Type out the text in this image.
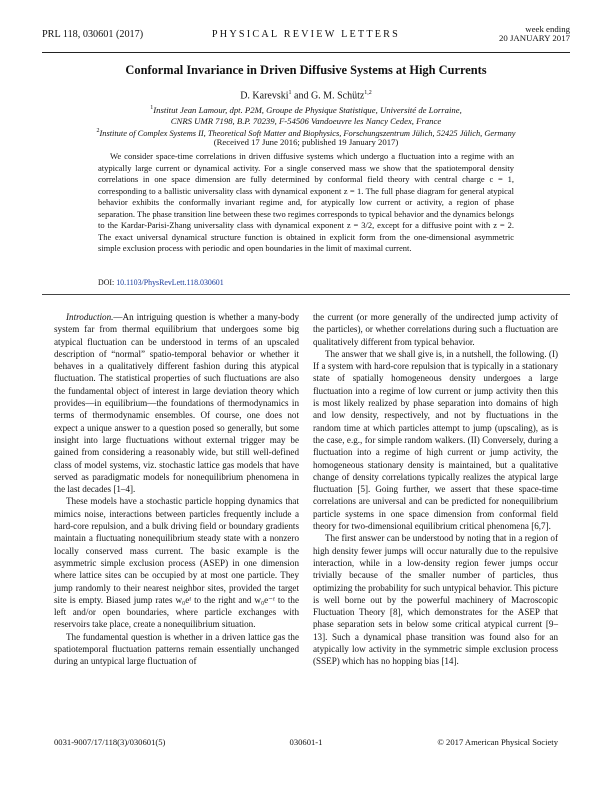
PRL 118, 030601 (2017)	PHYSICAL REVIEW LETTERS	week ending
20 JANUARY 2017
Conformal Invariance in Driven Diffusive Systems at High Currents
D. Karevski$^1$ and G. M. Schütz$^{1,2}$
$^1$Institut Jean Lamour, dpt. P2M, Groupe de Physique Statistique, Université de Lorraine,
CNRS UMR 7198, B.P. 70239, F-54506 Vandoeuvre les Nancy Cedex, France
$^2$Institute of Complex Systems II, Theoretical Soft Matter and Biophysics, Forschungszentrum Jülich, 52425 Jülich, Germany
(Received 17 June 2016; published 19 January 2017)
We consider space-time correlations in driven diffusive systems which undergo a fluctuation into a regime with an atypically large current or dynamical activity. For a single conserved mass we show that the spatiotemporal density correlations in one space dimension are fully determined by conformal field theory with central charge c = 1, corresponding to a ballistic universality class with dynamical exponent z = 1. The full phase diagram for general atypical behavior exhibits the conformally invariant regime and, for atypically low current or activity, a region of phase separation. The phase transition line between these two regimes corresponds to typical behavior and the dynamics belongs to the Kardar-Parisi-Zhang universality class with dynamical exponent z = 3/2, except for a diffusive point with z = 2. The exact universal dynamical structure function is obtained in explicit form from the one-dimensional asymmetric simple exclusion process with periodic and open boundaries in the limit of maximal current.
DOI: 10.1103/PhysRevLett.118.030601

Introduction.—An intriguing question is whether a many-body system far from thermal equilibrium that undergoes some big atypical fluctuation can be understood in terms of an upscaled description of “normal” spatio-temporal behavior or whether it behaves in a qualitatively different fashion during this atypical fluctuation. The statistical properties of such fluctuations are also the fundamental object of interest in large deviation theory which provides—in equilibrium—the foundations of thermodynamics in terms of thermodynamic ensembles. Of course, one does not expect a unique answer to a question posed so generally, but some insight into large fluctuations without external trigger may be gained from considering a reasonably wide, but still well-defined class of model systems, viz. stochastic lattice gas models that have served as paradigmatic models for nonequilibrium phenomena in the last decades [1–4].

These models have a stochastic particle hopping dynamics that mimics noise, interactions between particles frequently include a hard-core repulsion, and a bulk driving field or boundary gradients maintain a fluctuating nonequilibrium steady state with a nonzero locally conserved mass current. The basic example is the asymmetric simple exclusion process (ASEP) in one dimension where lattice sites can be occupied by at most one particle. They jump randomly to their nearest neighbor sites, provided the target site is empty. Biased jump rates w₀eᶠ to the right and w₀e⁻ᶠ to the left and/or open boundaries, where particle exchanges with reservoirs take place, create a nonequilibrium situation.

The fundamental question is whether in a driven lattice gas the spatiotemporal fluctuation patterns remain essentially unchanged during an untypical large fluctuation of

the current (or more generally of the undirected jump activity of the particles), or whether correlations during such a fluctuation are qualitatively different from typical behavior.

The answer that we shall give is, in a nutshell, the following. (I) If a system with hard-core repulsion that is typically in a stationary state of spatially homogeneous density undergoes a large fluctuation into a regime of low current or jump activity then this is most likely realized by phase separation into domains of high and low density, respectively, and not by fluctuations in the random time at which particles attempt to jump (upscaling), as is the case, e.g., for simple random walkers. (II) Conversely, during a fluctuation into a regime of high current or jump activity, the homogeneous stationary density is maintained, but a qualitative change of density correlations typically realizes the atypical large fluctuation [5]. Going further, we assert that these space-time correlations are universal and can be predicted for nonequilibrium particle systems in one space dimension from conformal field theory for two-dimensional equilibrium critical phenomena [6,7].

The first answer can be understood by noting that in a region of high density fewer jumps will occur naturally due to the repulsive interaction, while in a low-density region fewer jumps occur trivially because of the smaller number of particles, thus optimizing the probability for such untypical behavior. This picture is well borne out by the powerful machinery of Macroscopic Fluctuation Theory [8], which demonstrates for the ASEP that phase separation sets in below some critical atypical current [9–13]. Such a dynamical phase transition was found also for an atypically low activity in the symmetric simple exclusion process (SSEP) which has no hopping bias [14].

0031-9007/17/118(3)/030601(5)	030601-1	© 2017 American Physical Society
